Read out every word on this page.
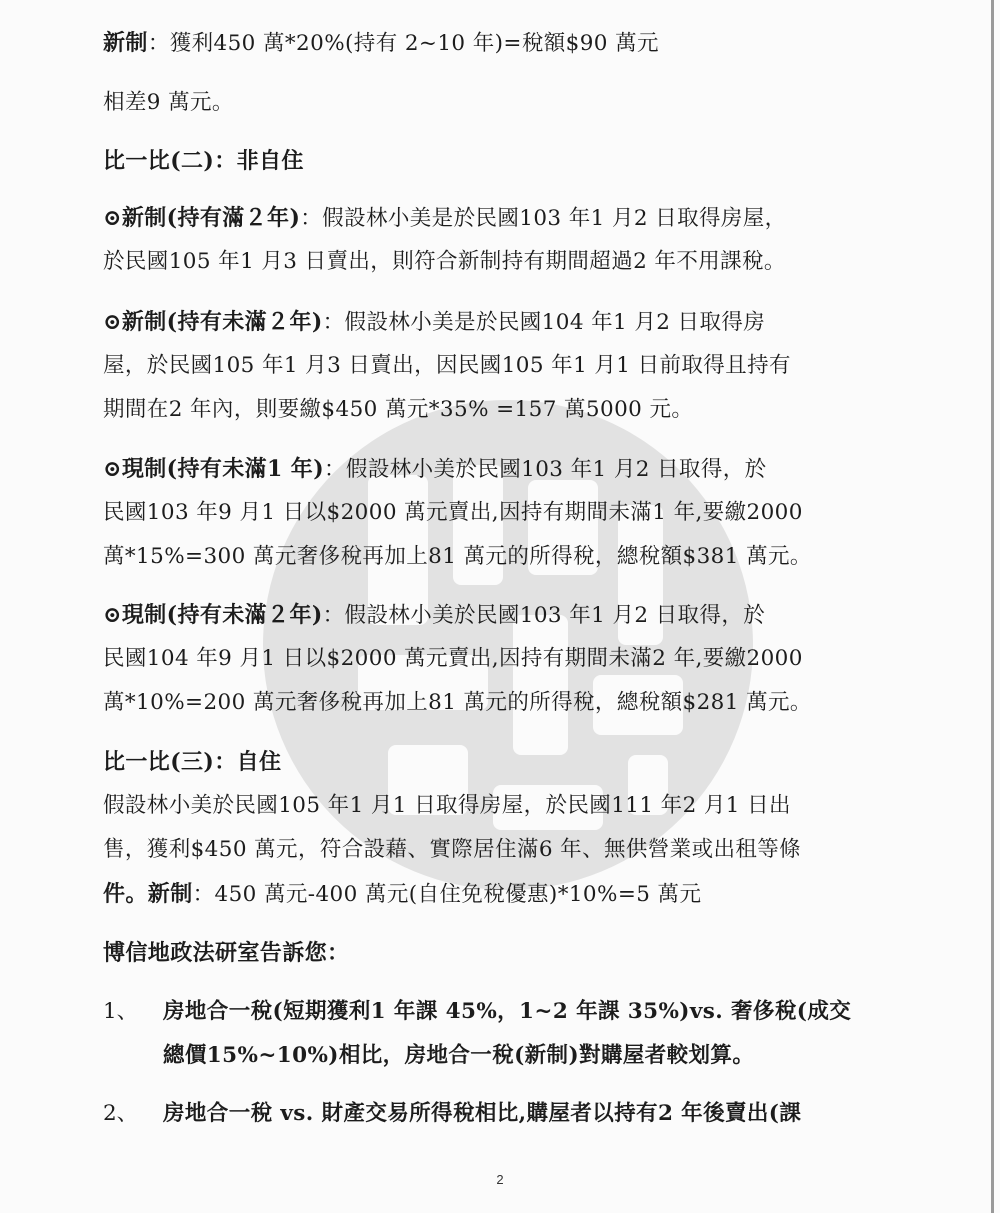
新制：獲利450 萬*20%(持有 2~10 年)=稅額$90 萬元
相差9 萬元。
比一比(二)：非自住
⊙新制(持有滿２年)：假設林小美是於民國103 年1 月2 日取得房屋，
於民國105 年1 月3 日賣出，則符合新制持有期間超過2 年不用課稅。
⊙新制(持有未滿２年)：假設林小美是於民國104 年1 月2 日取得房
屋，於民國105 年1 月3 日賣出，因民國105 年1 月1 日前取得且持有
期間在2 年內，則要繳$450 萬元*35% =157 萬5000 元。
⊙現制(持有未滿1 年)：假設林小美於民國103 年1 月2 日取得，於
民國103 年9 月1 日以$2000 萬元賣出,因持有期間未滿1 年,要繳2000
萬*15%=300 萬元奢侈稅再加上81 萬元的所得稅，總稅額$381 萬元。
⊙現制(持有未滿２年)：假設林小美於民國103 年1 月2 日取得，於
民國104 年9 月1 日以$2000 萬元賣出,因持有期間未滿2 年,要繳2000
萬*10%=200 萬元奢侈稅再加上81 萬元的所得稅，總稅額$281 萬元。
比一比(三)：自住
假設林小美於民國105 年1 月1 日取得房屋，於民國111 年2 月1 日出
售，獲利$450 萬元，符合設藉、實際居住滿6 年、無供營業或出租等條
件。新制：450 萬元-400 萬元(自住免稅優惠)*10%=5 萬元
博信地政法研室告訴您：
1、 房地合一稅(短期獲利1 年課 45%，1~2 年課 35%)vs. 奢侈稅(成交
總價15%~10%)相比，房地合一稅(新制)對購屋者較划算。
2、 房地合一稅 vs. 財產交易所得稅相比,購屋者以持有2 年後賣出(課
2
